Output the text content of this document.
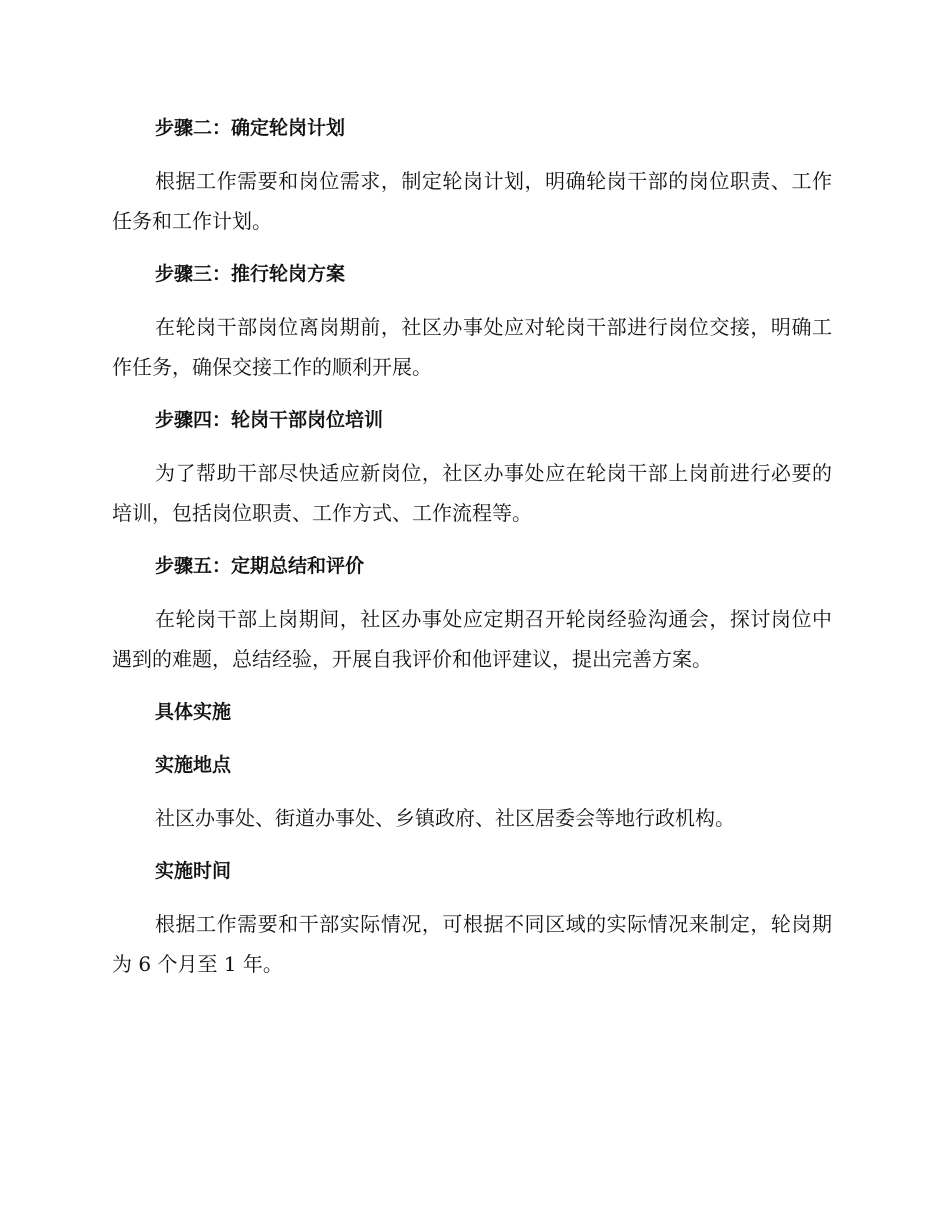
步骤二：确定轮岗计划

根据工作需要和岗位需求，制定轮岗计划，明确轮岗干部的岗位职责、工作任务和工作计划。

步骤三：推行轮岗方案

在轮岗干部岗位离岗期前，社区办事处应对轮岗干部进行岗位交接，明确工作任务，确保交接工作的顺利开展。

步骤四：轮岗干部岗位培训

为了帮助干部尽快适应新岗位，社区办事处应在轮岗干部上岗前进行必要的培训，包括岗位职责、工作方式、工作流程等。

步骤五：定期总结和评价

在轮岗干部上岗期间，社区办事处应定期召开轮岗经验沟通会，探讨岗位中遇到的难题，总结经验，开展自我评价和他评建议，提出完善方案。

具体实施

实施地点

社区办事处、街道办事处、乡镇政府、社区居委会等地行政机构。

实施时间

根据工作需要和干部实际情况，可根据不同区域的实际情况来制定，轮岗期为 6 个月至 1 年。
